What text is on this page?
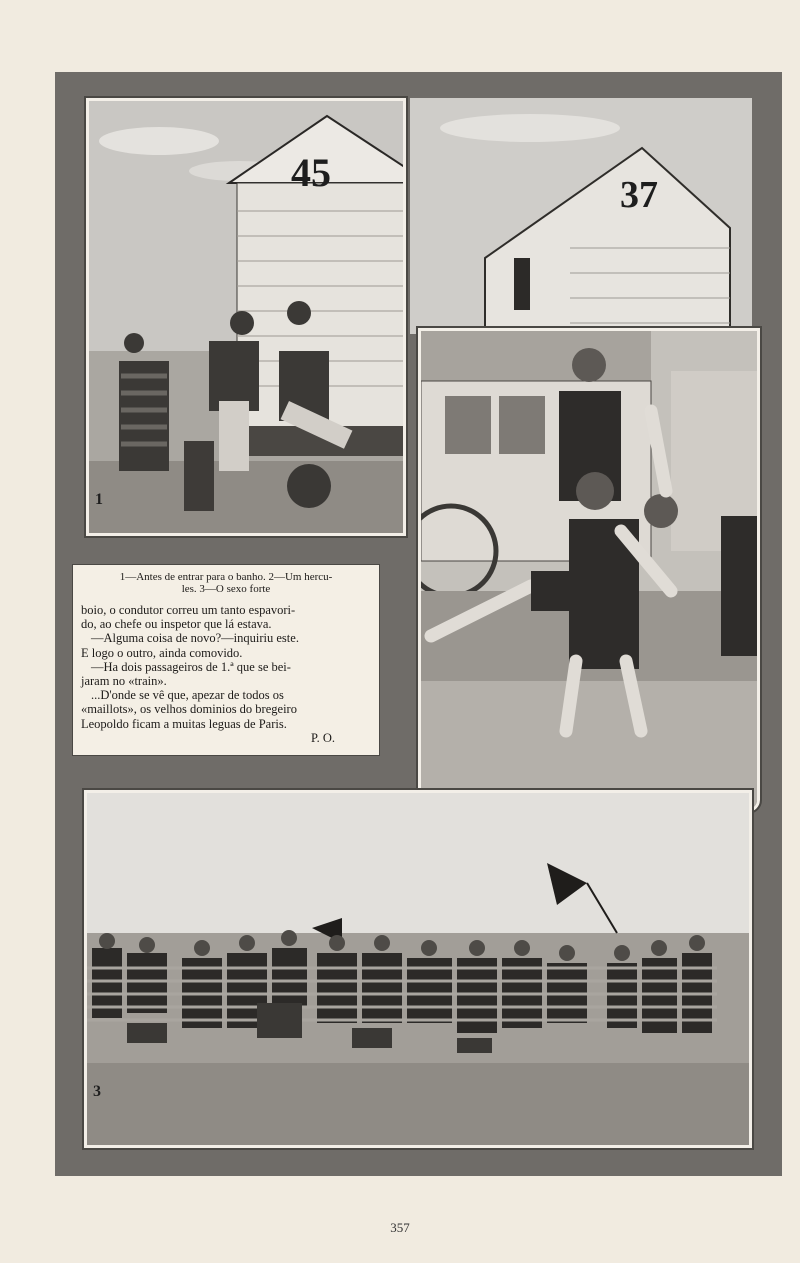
45
1
37

1—Antes de entrar para o banho. 2—Um hercu-
les. 3—O sexo forte

boio, o condutor correu um tanto espavori-
do, ao chefe ou inspetor que lá estava.
—Alguma coisa de novo?—inquiriu este.
E logo o outro, ainda comovido.
—Ha dois passageiros de 1.ª que se bei-
jaram no «train».
...D'onde se vê que, apezar de todos os
«maillots», os velhos dominios do bregeiro
Leopoldo ficam a muitas leguas de Paris.
P. O.

3
357
